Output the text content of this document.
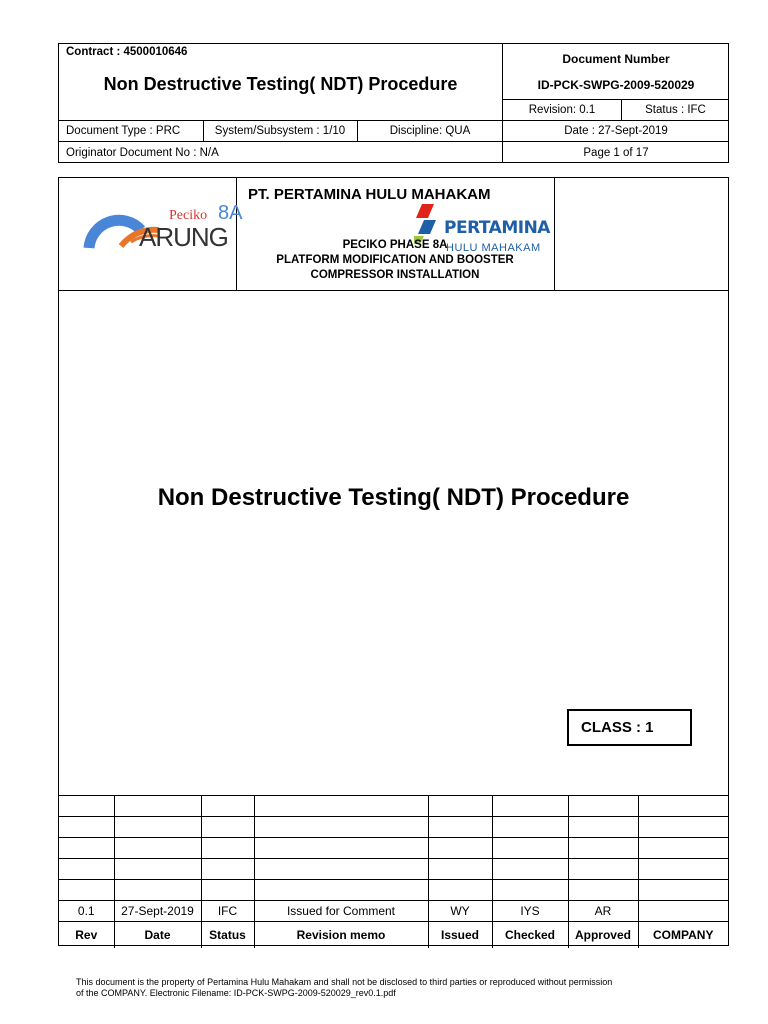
Contract : 4500010646
Non Destructive Testing( NDT) Procedure
Document Number
ID-PCK-SWPG-2009-520029
Revision: 0.1	Status : IFC
Document Type : PRC	System/Subsystem : 1/10	Discipline: QUA	Date : 27-Sept-2019
Originator Document No : N/A	Page 1 of 17
ARUNG
Peciko 8A
PT. PERTAMINA HULU MAHAKAM
PERTAMINA
HULU MAHAKAM
PECIKO PHASE 8A
PLATFORM MODIFICATION AND BOOSTER
COMPRESSOR INSTALLATION
Non Destructive Testing( NDT) Procedure
CLASS : 1

0.1	27-Sept-2019	IFC	Issued for Comment	WY	IYS	AR	
Rev	Date	Status	Revision memo	Issued	Checked	Approved	COMPANY
This document is the property of Pertamina Hulu Mahakam and shall not be disclosed to third parties or reproduced without permission
of the COMPANY. Electronic Filename: ID-PCK-SWPG-2009-520029_rev0.1.pdf
